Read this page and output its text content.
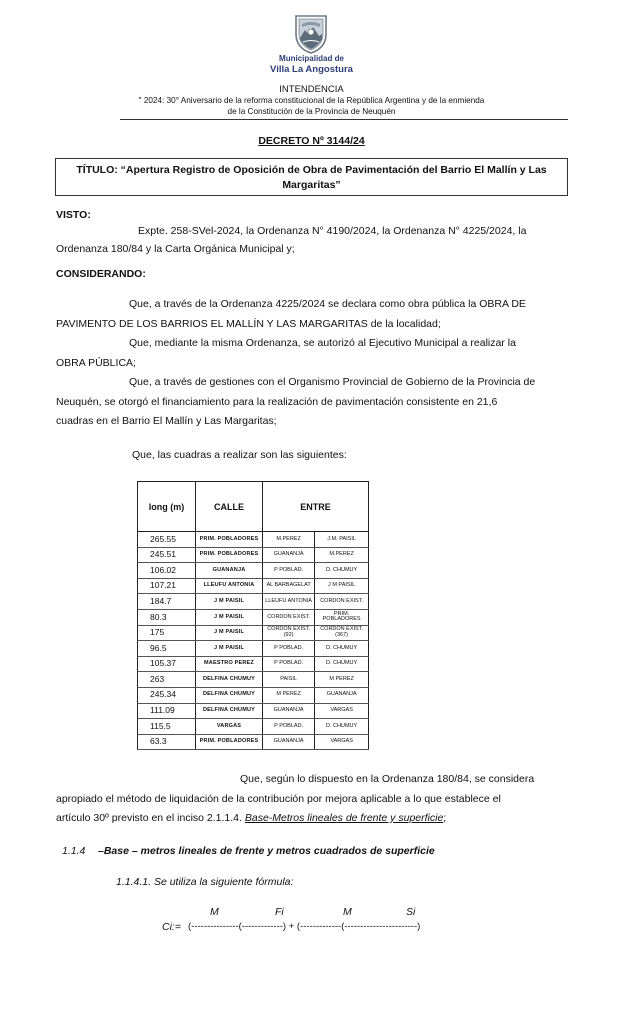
Municipalidad de
Villa La Angostura
INTENDENCIA
" 2024: 30° Aniversario de la reforma constitucional de la República Argentina y de la enmienda
de la Constitución de la Provincia de Neuquén
DECRETO Nº 3144/24
TÍTULO: “Apertura Registro de Oposición de Obra de Pavimentación del Barrio El Mallín y Las Margaritas”
VISTO:
Expte. 258-SVel-2024, la Ordenanza N° 4190/2024, la Ordenanza N° 4225/2024, la
Ordenanza 180/84 y la Carta Orgánica Municipal y;
CONSIDERANDO:
Que, a través de la Ordenanza 4225/2024 se declara como obra pública la OBRA DE
PAVIMENTO DE LOS BARRIOS EL MALLÍN Y LAS MARGARITAS de la localidad;
Que, mediante la misma Ordenanza, se autorizó al Ejecutivo Municipal a realizar la
OBRA PÚBLICA;
Que, a través de gestiones con el Organismo Provincial de Gobierno de la Provincia de
Neuquén, se otorgó el financiamiento para la realización de pavimentación consistente en 21,6
cuadras en el Barrio El Mallín y Las Margaritas;
Que, las cuadras a realizar son las siguientes:
long (m)	CALLE	ENTRE	
265.55	PRIM. POBLADORES	M.PEREZ	J.M. PAISIL
245.51	PRIM. POBLADORES	GUANANJA	M.PEREZ
106.02	GUANANJA	P POBLAD.	D. CHUMUY
107.21	LLEUFU ANTONIA	AL BARBAGELAT	J M PAISIL
184.7	J M PAISIL	LLEUFU ANTONIA	CORDON EXIST.
80.3	J M PAISIL	CORDON EXIST.	PRIM. POBLADORES
175	J M PAISIL	CORDON EXIST. (92)	CORDON EXIST.(367)
96.5	J M PAISIL	P POBLAD.	D. CHUMUY
105.37	MAESTRO PEREZ	P POBLAD.	D. CHUMUY
263	DELFINA CHUMUY	PAISIL	M PEREZ
245.34	DELFINA CHUMUY	M PEREZ	GUANANJA
111.09	DELFINA CHUMUY	GUANANJA	VARGAS
115.5	VARGAS	P POBLAD.	D. CHUMUY
63.3	PRIM. POBLADORES	GUANANJA	VARGAS
Que, según lo dispuesto en la Ordenanza 180/84, se considera
apropiado el método de liquidación de la contribución por mejora aplicable a lo que establece el
artículo 30º previsto en el inciso 2.1.1.4. Base-Metros lineales de frente y superficie;
1.1.4 –Base – metros lineales de frente y metros cuadrados de superficie
1.1.4.1. Se utiliza la siguiente fórmula:
M	Fi	M	Si
Ci:= (---------------(-------------) + (-------------(-----------------------)
